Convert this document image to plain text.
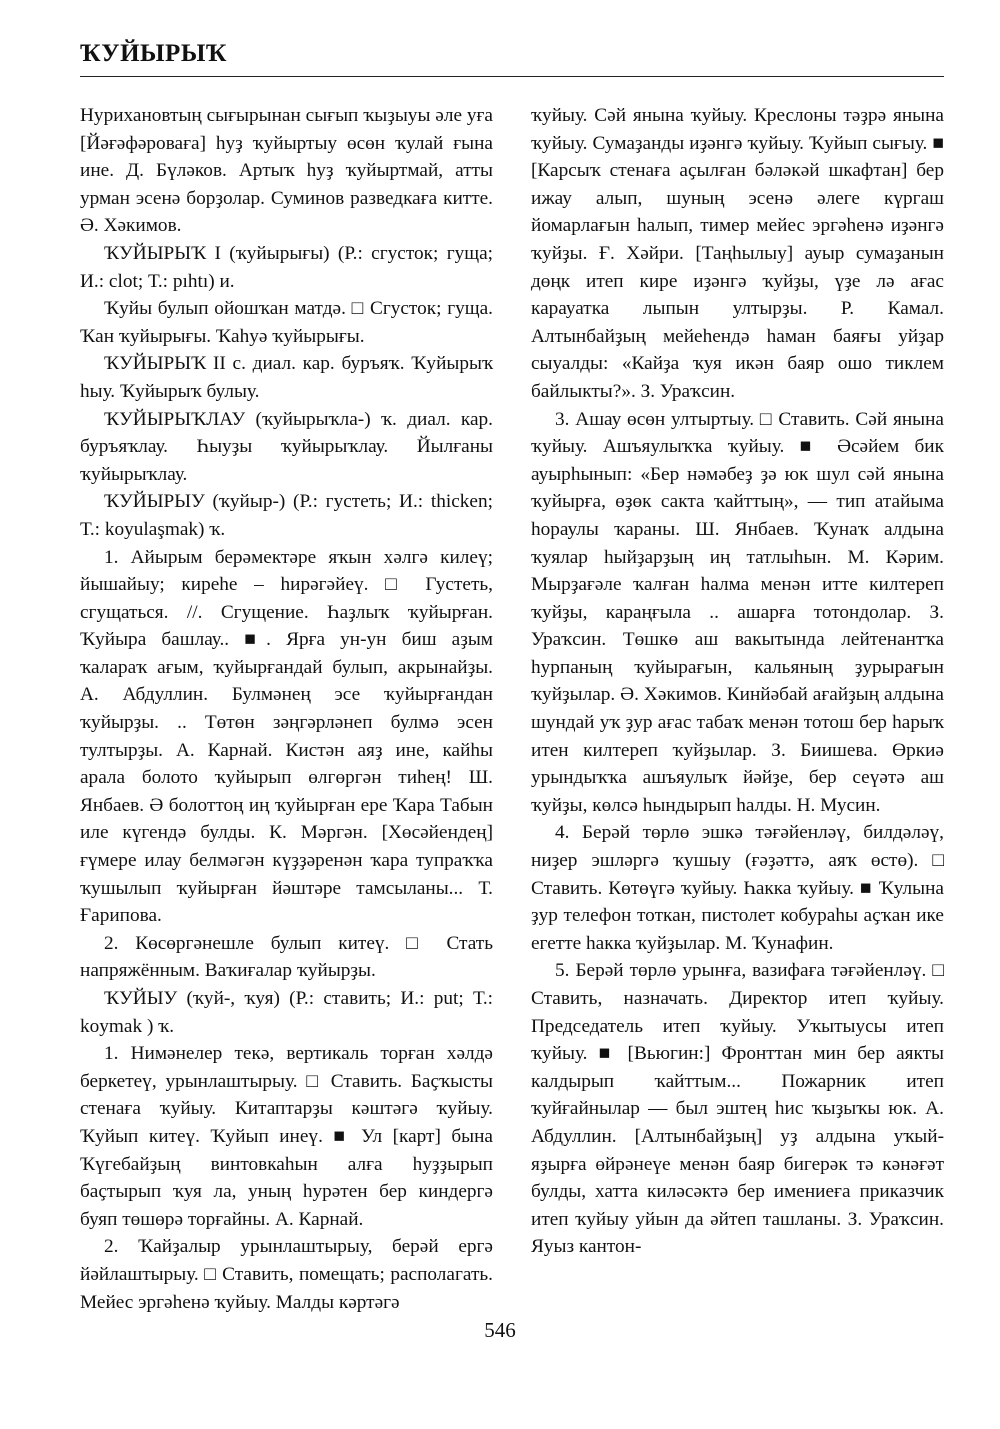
ҠУЙЫРЫҠ

Нурихановтың сығырынан сығып ҡыҙыуы әле уға [Йәғәфәроваға] һуҙ ҡуйыртыу өсөн ҡулай ғына ине. Д. Бүләков. Артыҡ һуҙ ҡуйыртмай, атты урман эсенә борҙолар. Суминов разведкаға китте. Ә. Хәкимов.

ҠУЙЫРЫҠ I (ҡуйырығы) (Р.: сгусток; гуща; И.: clot; Т.: pıhtı) и.

Ҡуйы булып ойошҡан матдә. □ Сгусток; гуща. Ҡан ҡуйырығы. Ҡаһуә ҡуйырығы.

ҠУЙЫРЫҠ II с. диал. кар. буръяҡ. Ҡуйырыҡ һыу. Ҡуйырыҡ булыу.

ҠУЙЫРЫҠЛАУ (ҡуйырыҡла-) ҡ. диал. кар. буръяҡлау. Һыуҙы ҡуйырыҡлау. Йылғаны ҡуйырыҡлау.

ҠУЙЫРЫУ (ҡуйыр-) (Р.: густеть; И.: thicken; Т.: koyulaşmak) ҡ.

1. Айырым берәмектәре яҡын хәлгә килеү; йышайыу; киреһе – һирәгәйеү. □ Густеть, сгущаться. //. Сгущение. Һаҙлыҡ ҡуйырған. Ҡуйыра башлау.. ■. Ярға ун-ун биш аҙым ҡалараҡ ағым, ҡуйырғандай булып, акрынайҙы. А. Абдуллин. Булмәнең эсе ҡуйырғандан ҡуйырҙы. .. Төтөн зәңгәрләнеп булмә эсен тултырҙы. А. Карнай. Кистән аяҙ ине, кайһы арала болото ҡуйырып өлгөргән тиһең! Ш. Янбаев. Ә болоттоң иң ҡуйырған ере Ҡара Табын иле күгендә булды. К. Мәргән. [Хөсәйендең] ғүмере илау белмәгән күҙҙәренән ҡара тупраҡҡа ҡушылып ҡуйырған йәштәре тамсыланы... Т. Ғарипова.

2. Көсөргәнешле булып китеү. □ Стать напряжённым. Ваҡиғалар ҡуйырҙы.

ҠУЙЫУ (ҡуй-, ҡуя) (Р.: ставить; И.: put; Т.: koymak ) ҡ.

1. Нимәнелер текә, вертикаль торған хәлдә беркетеү, урынлаштырыу. □ Ставить. Баҫҡысты стенаға ҡуйыу. Китаптарҙы кәштәгә ҡуйыу. Ҡуйып китеү. Ҡуйып инеү. ■ Ул [карт] бына Ҡүгебайҙың винтовкаһын алға һуҙҙырып баҫтырып ҡуя ла, уның һурәтен бер киндергә буяп төшөрә торғайны. А. Карнай.

2. Ҡайҙалыр урынлаштырыу, берәй ергә йәйлаштырыу. □ Ставить, помещать; располагать. Мейес эргәһенә ҡуйыу. Малды кәртәгә

ҡуйыу. Сәй янына ҡуйыу. Креслоны тәҙрә янына ҡуйыу. Сумаҙанды иҙәнгә ҡуйыу. Ҡуйып сығыу. ■ [Карсыҡ стенаға аҫылған бәләкәй шкафтан] бер ижау алып, шуның эсенә әлеге күргаш йомарлағын һалып, тимер мейес эргәһенә иҙәнгә ҡуйҙы. Ғ. Хәйри. [Таңһылыу] ауыр сумаҙанын дөңк итеп кире иҙәнгә ҡуйҙы, үҙе лә ағас карауатка лыпын ултырҙы. Р. Камал. Алтынбайҙың мейеһендә һаман баяғы уйҙар сыуалды: «Кайҙа ҡуя икән баяр ошо тиклем байлыкты?». З. Ураҡсин.

3. Ашау өсөн ултыртыу. □ Ставить. Сәй янына ҡуйыу. Ашъяулыҡҡа ҡуйыу. ■ Әсәйем бик ауырһынып: «Бер нәмәбеҙ ҙә юк шул сәй янына ҡуйырға, өҙөк сакта ҡайттың», — тип атайыма һораулы ҡараны. Ш. Янбаев. Ҡунаҡ алдына ҡуялар һыйҙарҙың иң татлыһын. М. Кәрим. Мырҙағәле ҡалған һалма менән итте килтереп ҡуйҙы, караңғыла .. ашарға тотондолар. З. Ураҡсин. Төшкө аш вакытында лейтенантҡа һурпаның ҡуйырағын, кальяның ҙурырағын ҡуйҙылар. Ә. Хәкимов. Кинйәбай ағайҙың алдына шундай уҡ ҙур ағас табаҡ менән тотош бер һарыҡ итен килтереп ҡуйҙылар. З. Биишева. Өркиә урындыҡҡа ашъяулыҡ йәйҙе, бер сеүәтә аш ҡуйҙы, көлсә һындырып һалды. Н. Мусин.

4. Берәй төрлө эшкә тәғәйенләү, билдәләү, ниҙер эшләргә ҡушыу (ғәҙәттә, аяҡ өстө). □ Ставить. Көтөүгә ҡуйыу. Һакка ҡуйыу. ■ Ҡулына ҙур телефон тоткан, пистолет кобураһы аҫҡан ике егетте һакка ҡуйҙылар. М. Ҡунафин.

5. Берәй төрлө урынға, вазифаға тәғәйенләү. □ Ставить, назначать. Директор итеп ҡуйыу. Председатель итеп ҡуйыу. Уҡытыусы итеп ҡуйыу. ■ [Вьюгин:] Фронттан мин бер аякты калдырып ҡайттым... Пожарник итеп ҡуйғайнылар — был эштең һис ҡыҙыҡы юк. А. Абдуллин. [Алтынбайҙың] уҙ алдына уҡый-яҙырға өйрәнеүе менән баяр бигерәк тә кәнәғәт булды, хатта киләсәктә бер имениеға приказчик итеп ҡуйыу уйын да әйтеп ташланы. З. Ураҡсин. Яуыз кантон-

546
